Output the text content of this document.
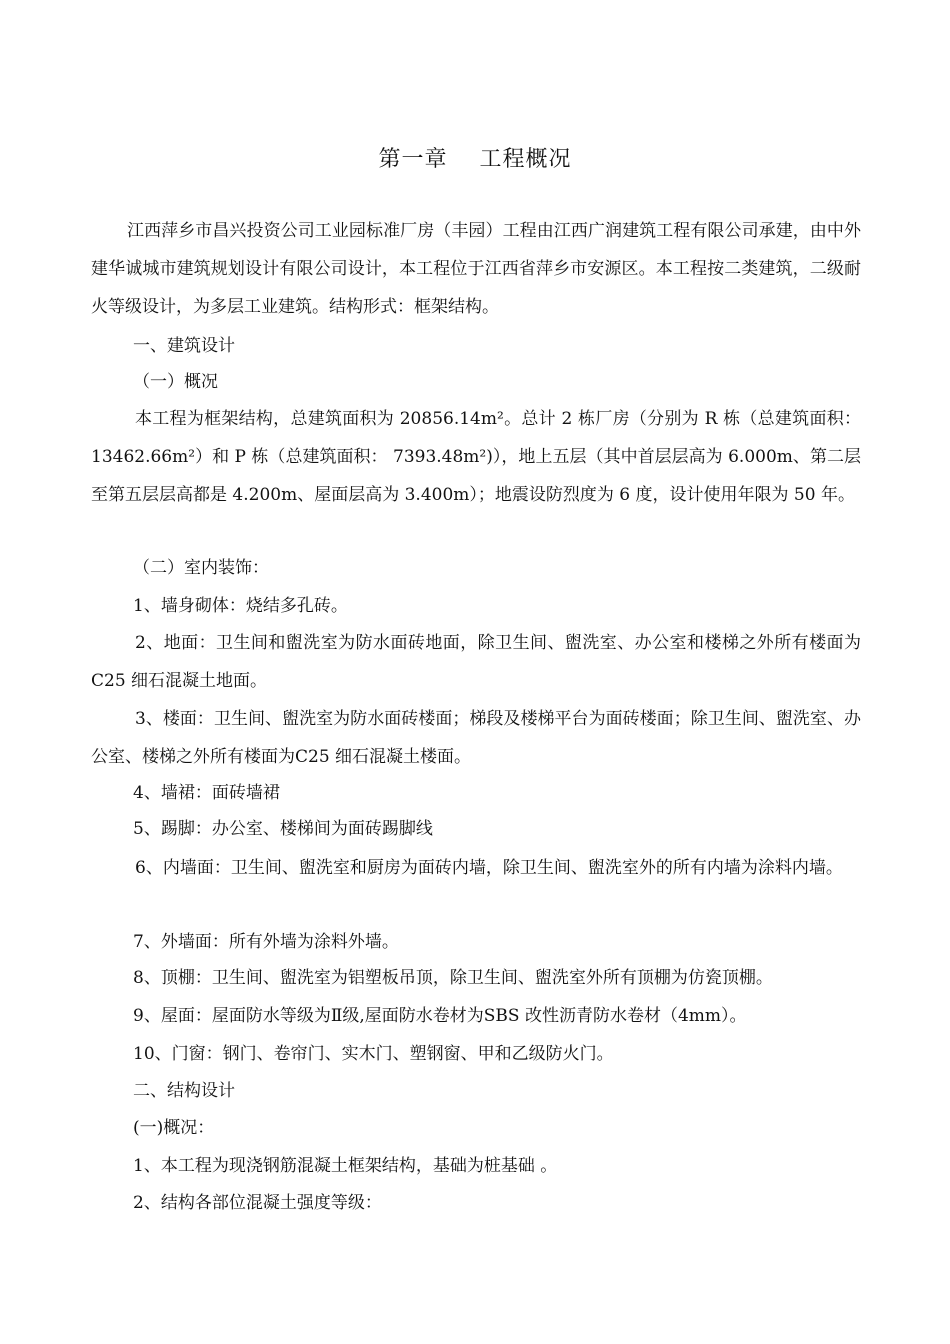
第一章    工程概况

江西萍乡市昌兴投资公司工业园标准厂房（丰园）工程由江西广润建筑工程有限公司承建，由中外建华诚城市建筑规划设计有限公司设计，本工程位于江西省萍乡市安源区。本工程按二类建筑，二级耐火等级设计，为多层工业建筑。结构形式：框架结构。

一、建筑设计
（一）概况

本工程为框架结构，总建筑面积为 20856.14m²。总计 2 栋厂房（分别为 R 栋（总建筑面积：13462.66m²）和 P 栋（总建筑面积： 7393.48m²)），地上五层（其中首层层高为 6.000m、第二层至第五层层高都是 4.200m、屋面层高为 3.400m）；地震设防烈度为 6 度，设计使用年限为 50 年。

（二）室内装饰：
1、墙身砌体：烧结多孔砖。

2、地面：卫生间和盥洗室为防水面砖地面，除卫生间、盥洗室、办公室和楼梯之外所有楼面为C25 细石混凝土地面。

3、楼面：卫生间、盥洗室为防水面砖楼面；梯段及楼梯平台为面砖楼面；除卫生间、盥洗室、办公室、楼梯之外所有楼面为C25 细石混凝土楼面。

4、墙裙：面砖墙裙
5、踢脚：办公室、楼梯间为面砖踢脚线

6、内墙面：卫生间、盥洗室和厨房为面砖内墙，除卫生间、盥洗室外的所有内墙为涂料内墙。

7、外墙面：所有外墙为涂料外墙。
8、顶棚：卫生间、盥洗室为铝塑板吊顶，除卫生间、盥洗室外所有顶棚为仿瓷顶棚。
9、屋面：屋面防水等级为Ⅱ级,屋面防水卷材为SBS 改性沥青防水卷材（4mm）。
10、门窗：钢门、卷帘门、实木门、塑钢窗、甲和乙级防火门。
二、结构设计
(一)概况：
1、本工程为现浇钢筋混凝土框架结构，基础为桩基础 。
2、结构各部位混凝土强度等级：
